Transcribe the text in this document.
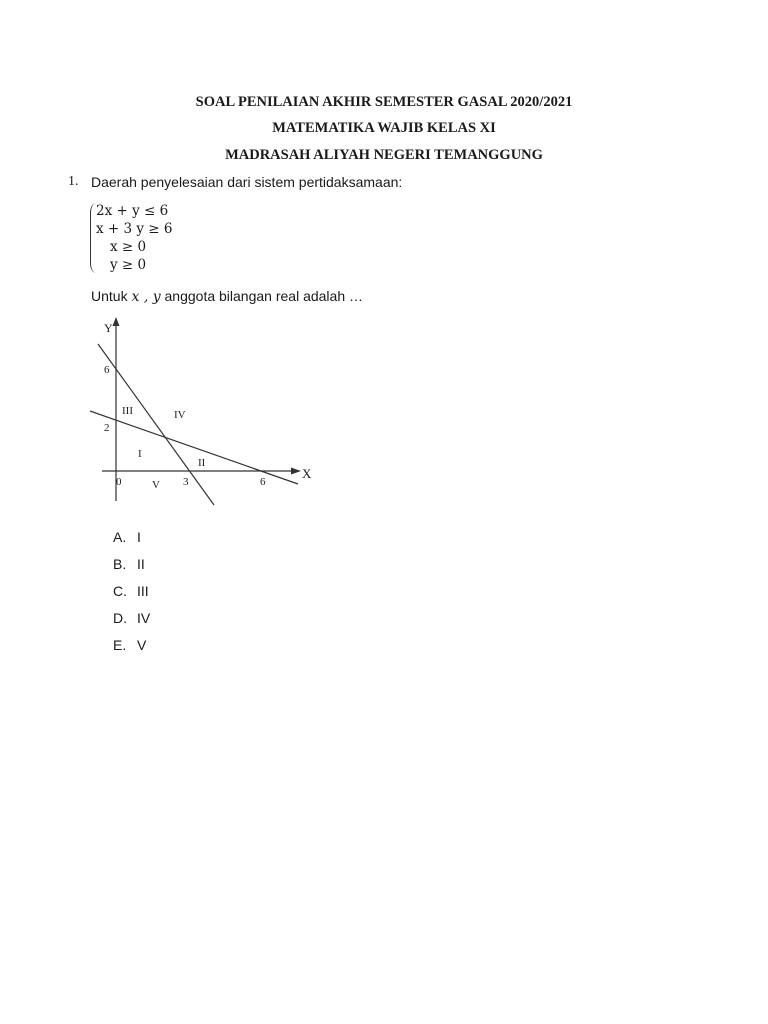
SOAL PENILAIAN AKHIR SEMESTER GASAL 2020/2021
MATEMATIKA WAJIB KELAS XI
MADRASAH ALIYAH NEGERI TEMANGGUNG
1. Daerah penyelesaian dari sistem pertidaksamaan:
2x + y ≤ 6
x + 3 y ≥ 6
x ≥ 0
y ≥ 0
Untuk x , y anggota bilangan real adalah …
Y
X
6
2
0	3	6
III	IV
I
II
V
A. I
B. II
C. III
D. IV
E. V
